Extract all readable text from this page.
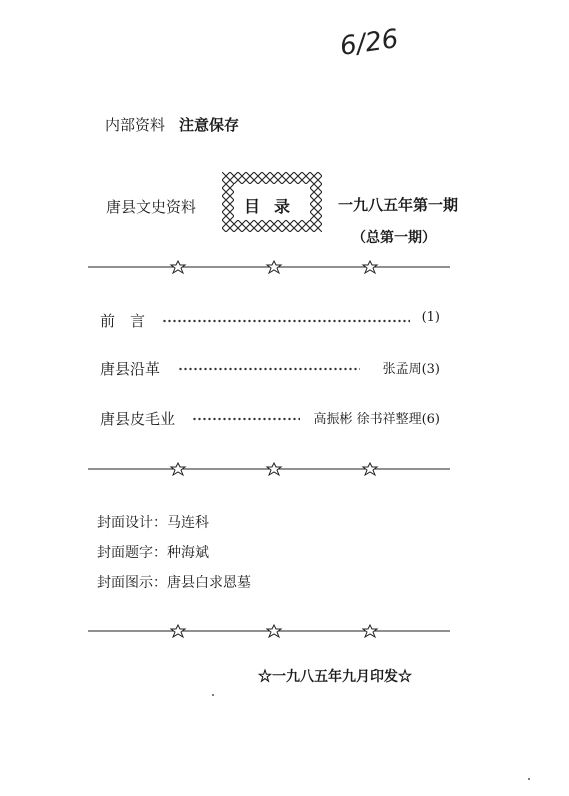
6/26
内部资料 注意保存
唐县文史资料	目录 一九八五年第一期
（总第一期）
前　言	(1)
唐县沿革	张孟周(3)
唐县皮毛业	高振彬 徐书祥整理(6)
封面设计：马连科
封面题字：种海斌
封面图示：唐县白求恩墓
☆一九八五年九月印发☆
